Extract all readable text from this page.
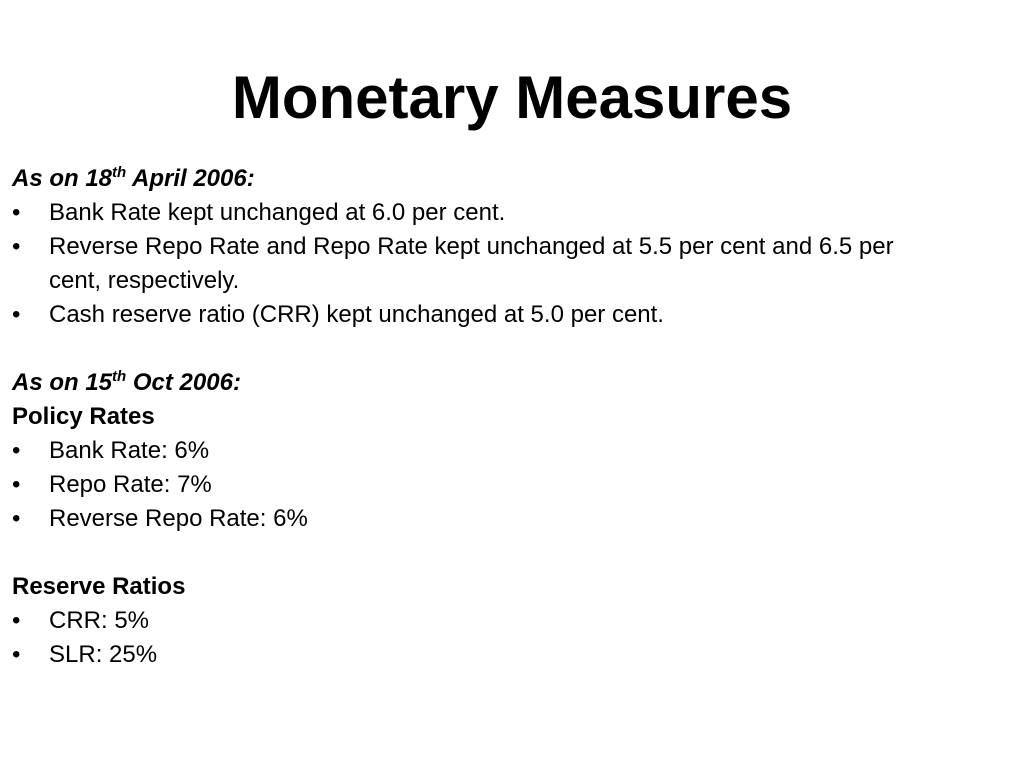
Monetary Measures
As on 18th April 2006:
• Bank Rate kept unchanged at 6.0 per cent.
• Reverse Repo Rate and Repo Rate kept unchanged at 5.5 per cent and 6.5 per cent, respectively.
• Cash reserve ratio (CRR) kept unchanged at 5.0 per cent.
As on 15th Oct 2006:
Policy Rates
• Bank Rate: 6%
• Repo Rate: 7%
• Reverse Repo Rate: 6%
Reserve Ratios
• CRR: 5%
• SLR: 25%
